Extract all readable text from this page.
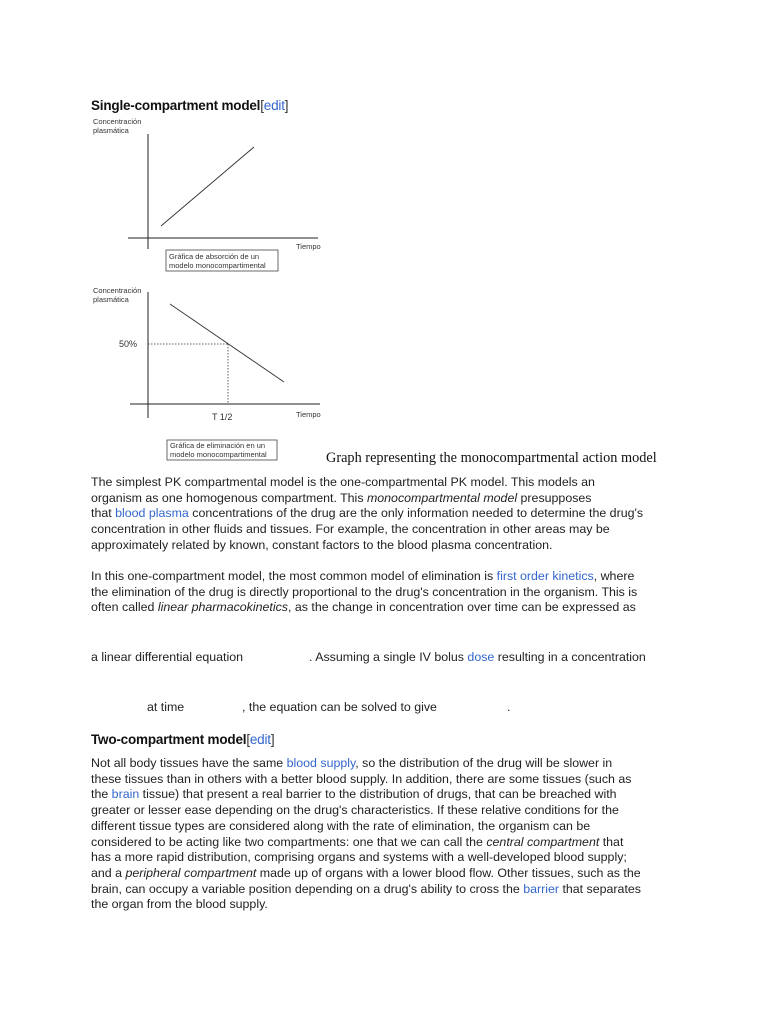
Single-compartment model[edit]
Concentración
plasmática
Tiempo
Gráfica de absorción de un
modelo monocompartimental
Concentración
plasmática
50%
T 1/2	Tiempo
Gráfica de eliminación en un
modelo monocompartimental	Graph representing the monocompartmental action model
The simplest PK compartmental model is the one-compartmental PK model. This models an
organism as one homogenous compartment. This monocompartmental model presupposes
that blood plasma concentrations of the drug are the only information needed to determine the drug's
concentration in other fluids and tissues. For example, the concentration in other areas may be
approximately related by known, constant factors to the blood plasma concentration.
In this one-compartment model, the most common model of elimination is first order kinetics, where
the elimination of the drug is directly proportional to the drug's concentration in the organism. This is
often called linear pharmacokinetics, as the change in concentration over time can be expressed as
a linear differential equation	. Assuming a single IV bolus dose resulting in a concentration
at time	, the equation can be solved to give	.
Two-compartment model[edit]
Not all body tissues have the same blood supply, so the distribution of the drug will be slower in
these tissues than in others with a better blood supply. In addition, there are some tissues (such as
the brain tissue) that present a real barrier to the distribution of drugs, that can be breached with
greater or lesser ease depending on the drug's characteristics. If these relative conditions for the
different tissue types are considered along with the rate of elimination, the organism can be
considered to be acting like two compartments: one that we can call the central compartment that
has a more rapid distribution, comprising organs and systems with a well-developed blood supply;
and a peripheral compartment made up of organs with a lower blood flow. Other tissues, such as the
brain, can occupy a variable position depending on a drug's ability to cross the barrier that separates
the organ from the blood supply.
